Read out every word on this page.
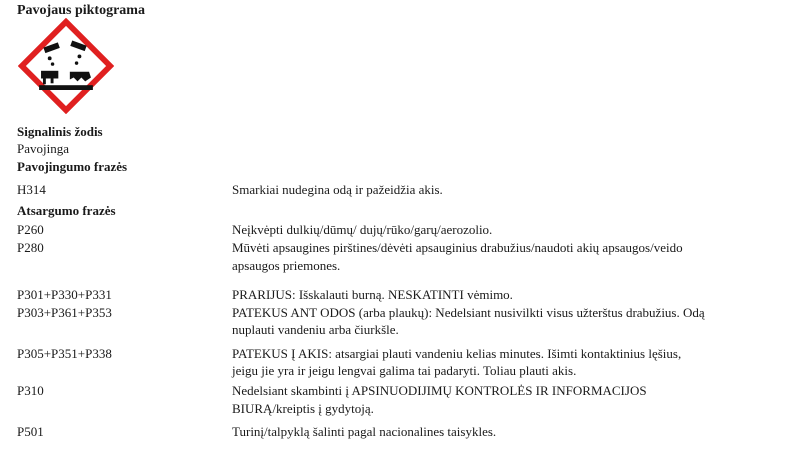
Pavojaus piktograma
Signalinis žodis
Pavojinga
Pavojingumo frazės
H314	Smarkiai nudegina odą ir pažeidžia akis.
Atsargumo frazės
P260	Neįkvėpti dulkių/dūmų/ dujų/rūko/garų/aerozolio.
P280	Mūvėti apsaugines pirštines/dėvėti apsauginius drabužius/naudoti akių apsaugos/veido
apsaugos priemones.
P301+P330+P331	PRARIJUS: Išskalauti burną. NESKATINTI vėmimo.
P303+P361+P353	PATEKUS ANT ODOS (arba plaukų): Nedelsiant nusivilkti visus užterštus drabužius. Odą
nuplauti vandeniu arba čiurkšle.
P305+P351+P338	PATEKUS Į AKIS: atsargiai plauti vandeniu kelias minutes. Išimti kontaktinius lęšius,
jeigu jie yra ir jeigu lengvai galima tai padaryti. Toliau plauti akis.
P310	Nedelsiant skambinti į APSINUODIJIMŲ KONTROLĖS IR INFORMACIJOS
BIURĄ/kreiptis į gydytoją.
P501	Turinį/talpyklą šalinti pagal nacionalines taisykles.
